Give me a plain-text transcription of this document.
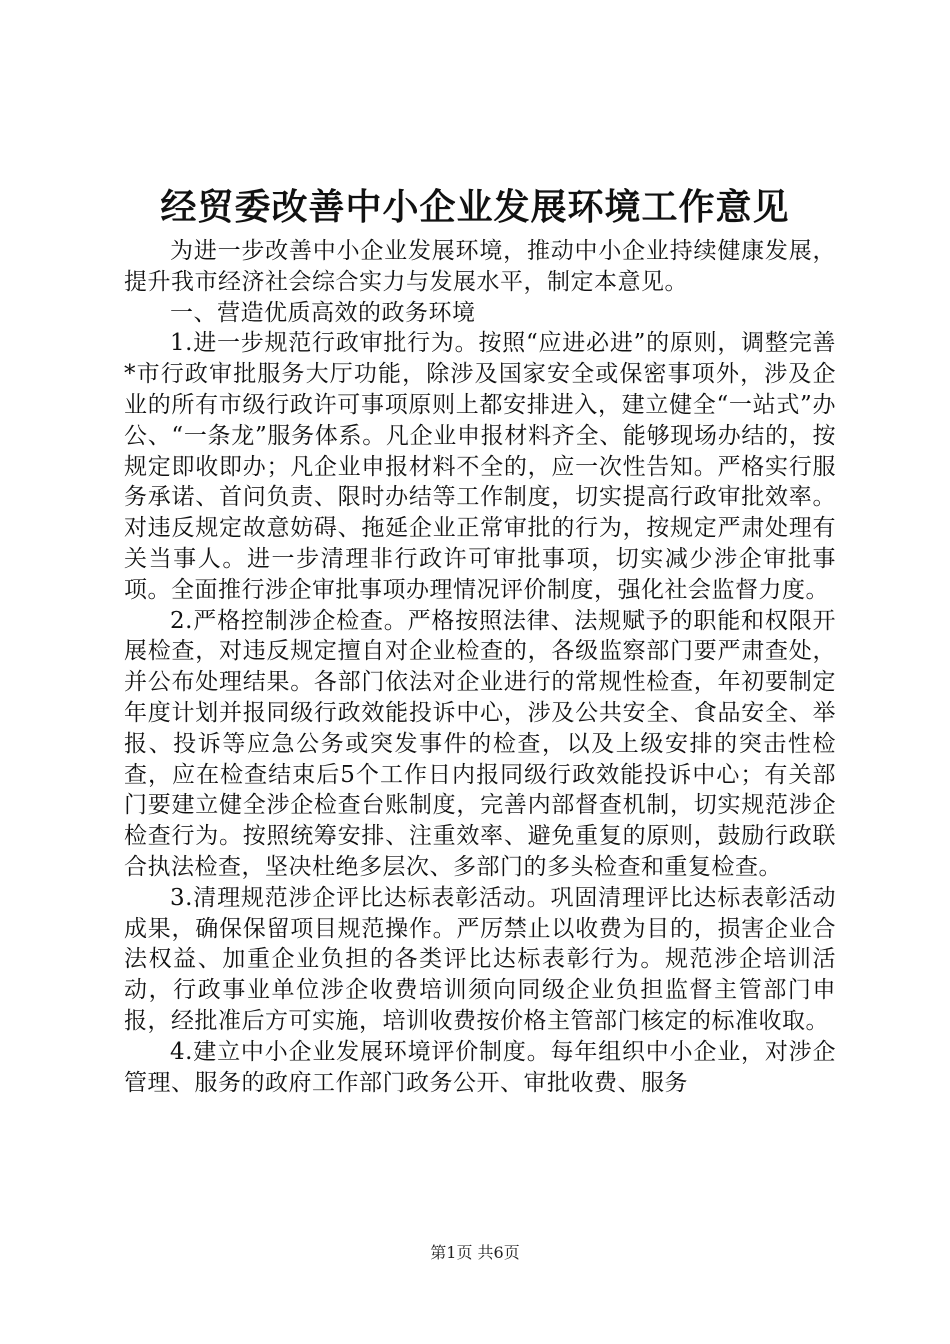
经贸委改善中小企业发展环境工作意见

为进一步改善中小企业发展环境，推动中小企业持续健康发展，提升我市经济社会综合实力与发展水平，制定本意见。

一、营造优质高效的政务环境

1.进一步规范行政审批行为。按照“应进必进”的原则，调整完善*市行政审批服务大厅功能，除涉及国家安全或保密事项外，涉及企业的所有市级行政许可事项原则上都安排进入，建立健全“一站式”办公、“一条龙”服务体系。凡企业申报材料齐全、能够现场办结的，按规定即收即办；凡企业申报材料不全的，应一次性告知。严格实行服务承诺、首问负责、限时办结等工作制度，切实提高行政审批效率。对违反规定故意妨碍、拖延企业正常审批的行为，按规定严肃处理有关当事人。进一步清理非行政许可审批事项，切实减少涉企审批事项。全面推行涉企审批事项办理情况评价制度，强化社会监督力度。

2.严格控制涉企检查。严格按照法律、法规赋予的职能和权限开展检查，对违反规定擅自对企业检查的，各级监察部门要严肃查处，并公布处理结果。各部门依法对企业进行的常规性检查，年初要制定年度计划并报同级行政效能投诉中心，涉及公共安全、食品安全、举报、投诉等应急公务或突发事件的检查，以及上级安排的突击性检查，应在检查结束后5个工作日内报同级行政效能投诉中心；有关部门要建立健全涉企检查台账制度，完善内部督查机制，切实规范涉企检查行为。按照统筹安排、注重效率、避免重复的原则，鼓励行政联合执法检查，坚决杜绝多层次、多部门的多头检查和重复检查。

3.清理规范涉企评比达标表彰活动。巩固清理评比达标表彰活动成果，确保保留项目规范操作。严厉禁止以收费为目的，损害企业合法权益、加重企业负担的各类评比达标表彰行为。规范涉企培训活动，行政事业单位涉企收费培训须向同级企业负担监督主管部门申报，经批准后方可实施，培训收费按价格主管部门核定的标准收取。

4.建立中小企业发展环境评价制度。每年组织中小企业，对涉企管理、服务的政府工作部门政务公开、审批收费、服务

第1页 共6页
